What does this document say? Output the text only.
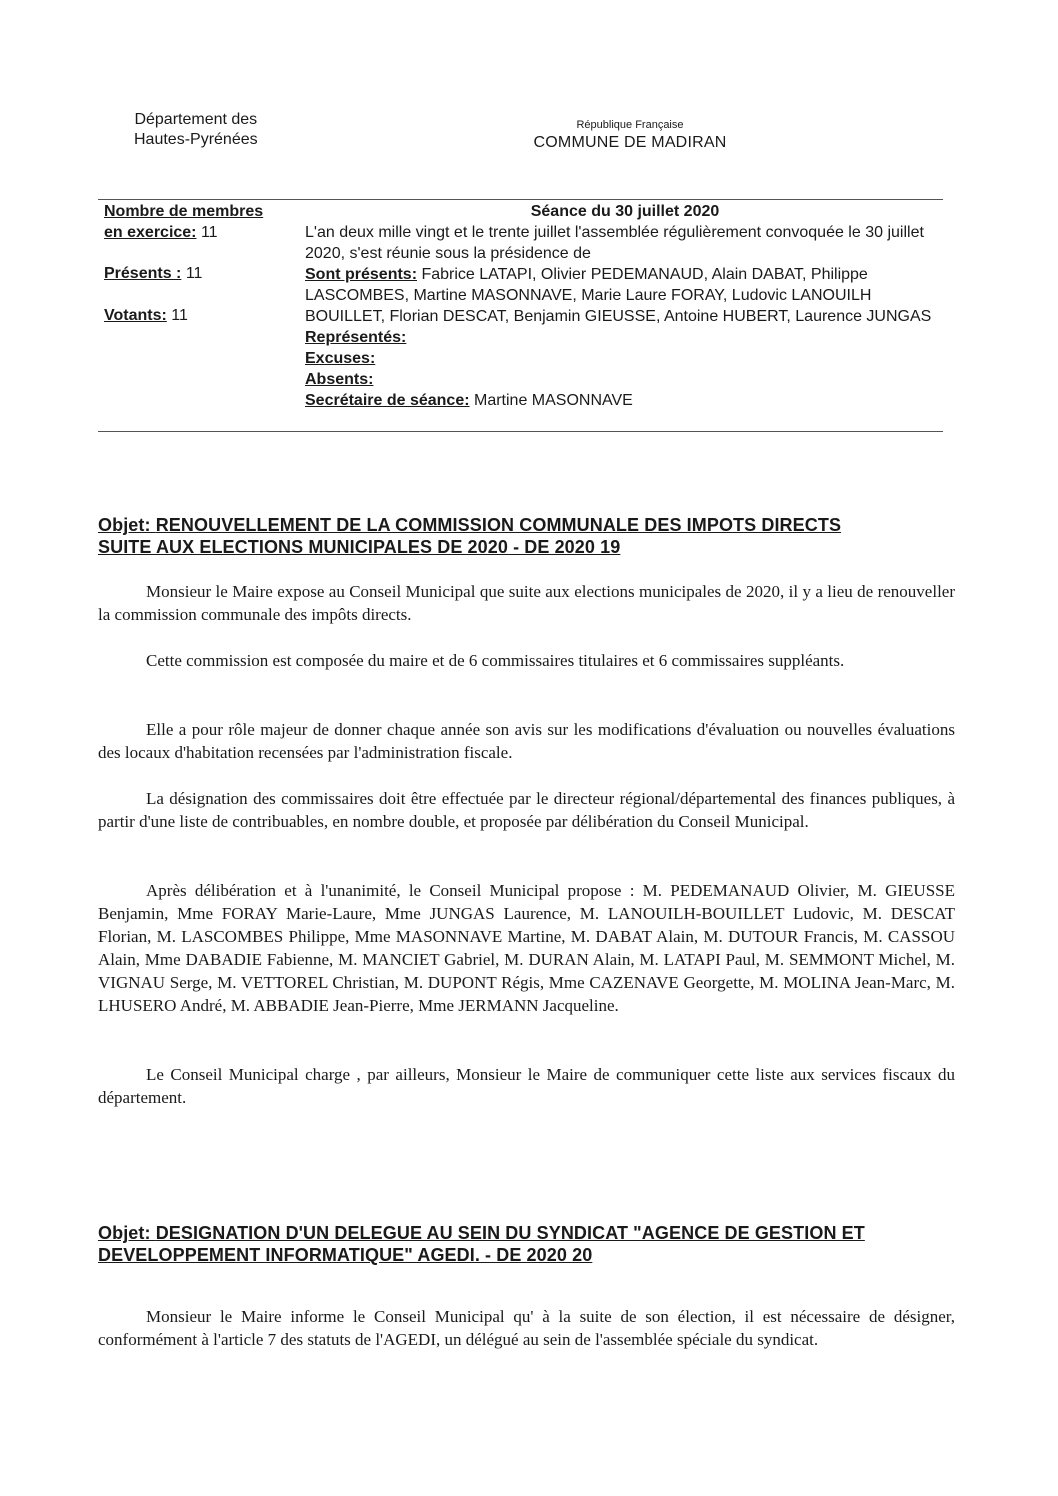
Département des
Hautes-Pyrénées
République Française
COMMUNE DE MADIRAN
Nombre de membres
en exercice: 11
Présents : 11
Votants: 11

Séance du 30 juillet 2020

L'an deux mille vingt et le trente juillet l'assemblée régulièrement convoquée le 30 juillet 2020, s'est réunie sous la présidence de

Sont présents: Fabrice LATAPI, Olivier PEDEMANAUD, Alain DABAT, Philippe LASCOMBES, Martine MASONNAVE, Marie Laure FORAY, Ludovic LANOUILH BOUILLET, Florian DESCAT, Benjamin GIEUSSE, Antoine HUBERT, Laurence JUNGAS

Représentés:

Excuses:

Absents:

Secrétaire de séance: Martine MASONNAVE

Objet: RENOUVELLEMENT DE LA COMMISSION COMMUNALE DES IMPOTS DIRECTS
SUITE AUX ELECTIONS MUNICIPALES DE 2020 - DE 2020 19

Monsieur le Maire expose au Conseil Municipal que suite aux elections municipales de 2020, il y a lieu de renouveller la commission communale des impôts directs.

Cette commission est composée du maire et de 6 commissaires titulaires et 6 commissaires suppléants.

Elle a pour rôle majeur de donner chaque année son avis sur les modifications d'évaluation ou nouvelles évaluations des locaux d'habitation recensées par l'administration fiscale.

La désignation des commissaires doit être effectuée par le directeur régional/départemental des finances publiques, à partir d'une liste de contribuables, en nombre double, et proposée par délibération du Conseil Municipal.

Après délibération et à l'unanimité, le Conseil Municipal propose : M. PEDEMANAUD Olivier, M. GIEUSSE Benjamin, Mme FORAY Marie-Laure, Mme JUNGAS Laurence, M. LANOUILH-BOUILLET Ludovic, M. DESCAT Florian, M. LASCOMBES Philippe, Mme MASONNAVE Martine, M. DABAT Alain, M. DUTOUR Francis, M. CASSOU Alain, Mme DABADIE Fabienne, M. MANCIET Gabriel, M. DURAN Alain, M. LATAPI Paul, M. SEMMONT Michel, M. VIGNAU Serge, M. VETTOREL Christian, M. DUPONT Régis, Mme CAZENAVE Georgette, M. MOLINA Jean-Marc, M. LHUSERO André, M. ABBADIE Jean-Pierre, Mme JERMANN Jacqueline.

Le Conseil Municipal charge , par ailleurs, Monsieur le Maire de communiquer cette liste aux services fiscaux du département.

Objet: DESIGNATION D'UN DELEGUE AU SEIN DU SYNDICAT "AGENCE DE GESTION ET
DEVELOPPEMENT INFORMATIQUE" AGEDI. - DE 2020 20

Monsieur le Maire informe le Conseil Municipal qu' à la suite de son élection, il est nécessaire de désigner, conformément à l'article 7 des statuts de l'AGEDI, un délégué au sein de l'assemblée spéciale du syndicat.
